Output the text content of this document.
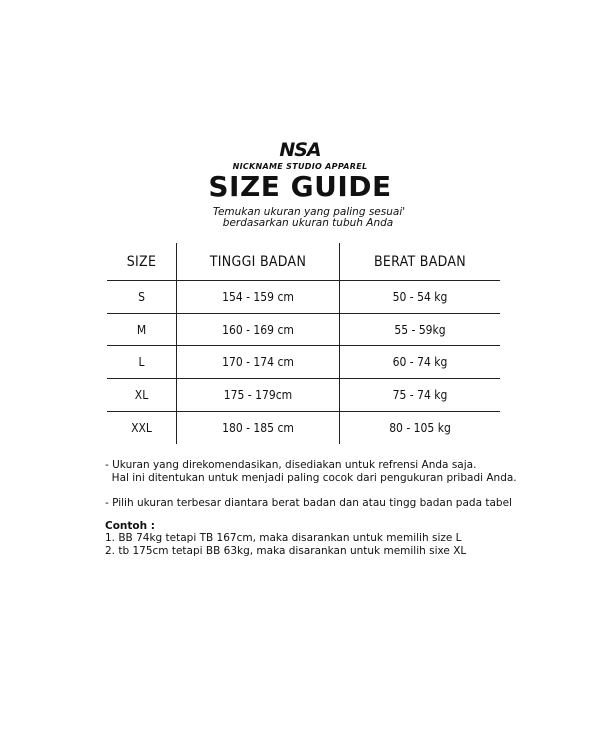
NSA
NICKNAME STUDIO APPAREL
SIZE GUIDE
Temukan ukuran yang paling sesuai'
berdasarkan ukuran tubuh Anda
SIZE	TINGGI BADAN	BERAT BADAN
S	154 - 159 cm	50 - 54 kg
M	160 - 169 cm	55 - 59kg
L	170 - 174 cm	60 - 74 kg
XL	175 - 179cm	75 - 74 kg
XXL	180 - 185 cm	80 - 105 kg
- Ukuran yang direkomendasikan, disediakan untuk refrensi Anda saja.
Hal ini ditentukan untuk menjadi paling cocok dari pengukuran pribadi Anda.
- Pilih ukuran terbesar diantara berat badan dan atau tingg badan pada tabel
Contoh :
1. BB 74kg tetapi TB 167cm, maka disarankan untuk memilih size L
2. tb 175cm tetapi BB 63kg, maka disarankan untuk memilih sixe XL
